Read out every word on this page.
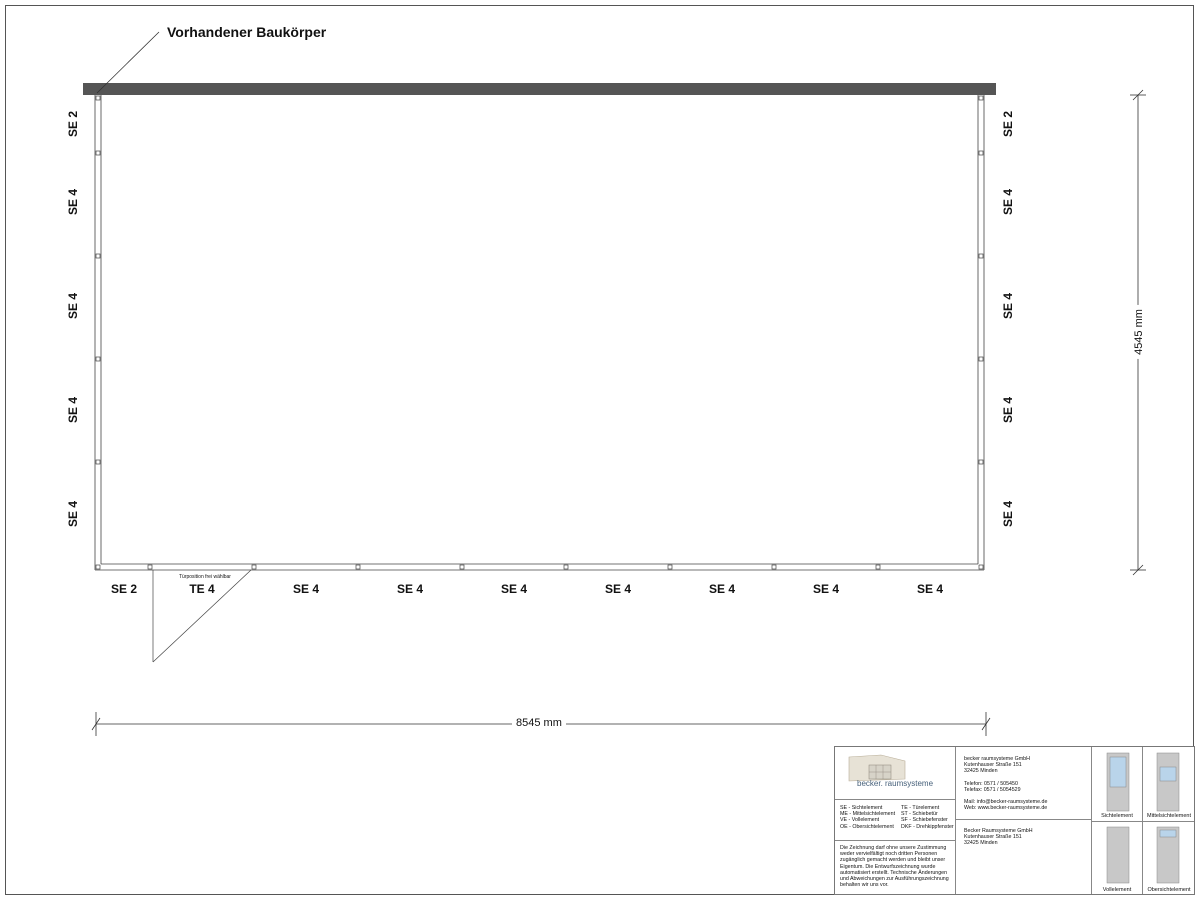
Vorhandener Baukörper
SE 2
SE 4
SE 4
SE 4
SE 4
SE 2
SE 4
SE 4
SE 4
SE 4
SE 2	TE 4	SE 4	SE 4	SE 4	SE 4	SE 4	SE 4	SE 4
Türposition frei wählbar
8545 mm
4545 mm
becker. raumsysteme
SE - Sichtelement
ME - Mittelsichtelement
VE - Vollelement
OE - Obersichtelement
TE - Türelement
ST - Schiebetür
SF - Schiebefenster
DKF - Drehkippfenster
Die Zeichnung darf ohne unsere Zustimmung
weder vervielfältigt noch dritten Personen
zugänglich gemacht werden und bleibt unser
Eigentum. Die Entwurfszeichnung wurde
automatisiert erstellt. Technische Änderungen
und Abweichungen zur Ausführungszeichnung
behalten wir uns vor.
becker raumsysteme GmbH
Kutenhauser Straße 151
32425 Minden
Telefon: 0571 / 505450
Telefax: 0571 / 5054529
Mail: info@becker-raumsysteme.de
Web: www.becker-raumsysteme.de
Becker Raumsysteme GmbH
Kutenhauser Straße 151
32425 Minden
Sichtelement	Mittelsichtelement
Vollelement	Obersichtelement
